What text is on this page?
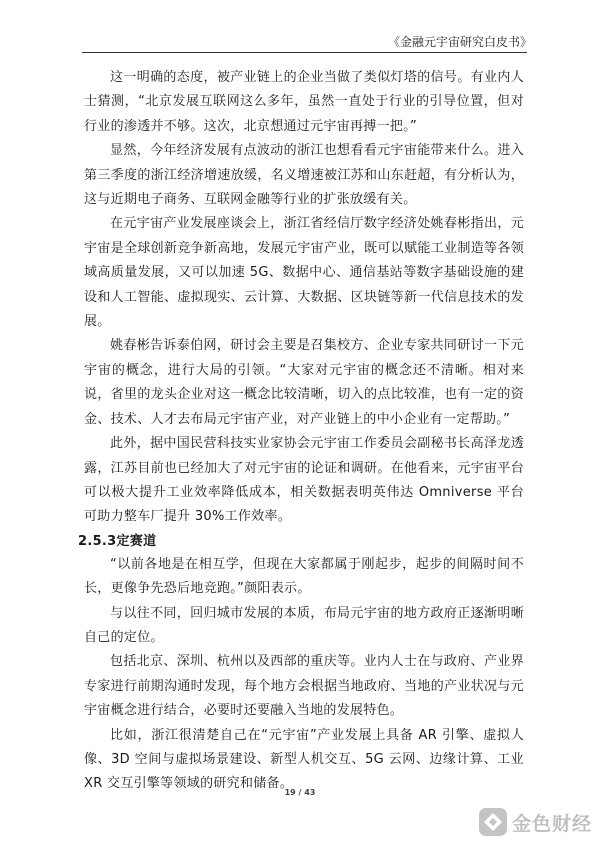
《金融元宇宙研究白皮书》

这一明确的态度，被产业链上的企业当做了类似灯塔的信号。有业内人士猜测，“北京发展互联网这么多年，虽然一直处于行业的引导位置，但对行业的渗透并不够。这次，北京想通过元宇宙再搏一把。”

显然，今年经济发展有点波动的浙江也想看看元宇宙能带来什么。进入第三季度的浙江经济增速放缓，名义增速被江苏和山东赶超，有分析认为，这与近期电子商务、互联网金融等行业的扩张放缓有关。

在元宇宙产业发展座谈会上，浙江省经信厅数字经济处姚春彬指出，元宇宙是全球创新竞争新高地，发展元宇宙产业，既可以赋能工业制造等各领域高质量发展，又可以加速 5G、数据中心、通信基站等数字基础设施的建设和人工智能、虚拟现实、云计算、大数据、区块链等新一代信息技术的发展。

姚春彬告诉泰伯网，研讨会主要是召集校方、企业专家共同研讨一下元宇宙的概念，进行大局的引领。“大家对元宇宙的概念还不清晰。相对来说，省里的龙头企业对这一概念比较清晰，切入的点比较准，也有一定的资金、技术、人才去布局元宇宙产业，对产业链上的中小企业有一定帮助。”

此外，据中国民营科技实业家协会元宇宙工作委员会副秘书长高泽龙透露，江苏目前也已经加大了对元宇宙的论证和调研。在他看来，元宇宙平台可以极大提升工业效率降低成本，相关数据表明英伟达 Omniverse 平台可助力整车厂提升 30%工作效率。

2.5.3定赛道

“以前各地是在相互学，但现在大家都属于刚起步，起步的间隔时间不长，更像争先恐后地竞跑。”颜阳表示。

与以往不同，回归城市发展的本质，布局元宇宙的地方政府正逐渐明晰自己的定位。

包括北京、深圳、杭州以及西部的重庆等。业内人士在与政府、产业界专家进行前期沟通时发现，每个地方会根据当地政府、当地的产业状况与元宇宙概念进行结合，必要时还要融入当地的发展特色。

比如，浙江很清楚自己在“元宇宙”产业发展上具备 AR 引擎、虚拟人像、3D 空间与虚拟场景建设、新型人机交互、5G 云网、边缘计算、工业 XR 交互引擎等领域的研究和储备。

19 / 43
金色财经
